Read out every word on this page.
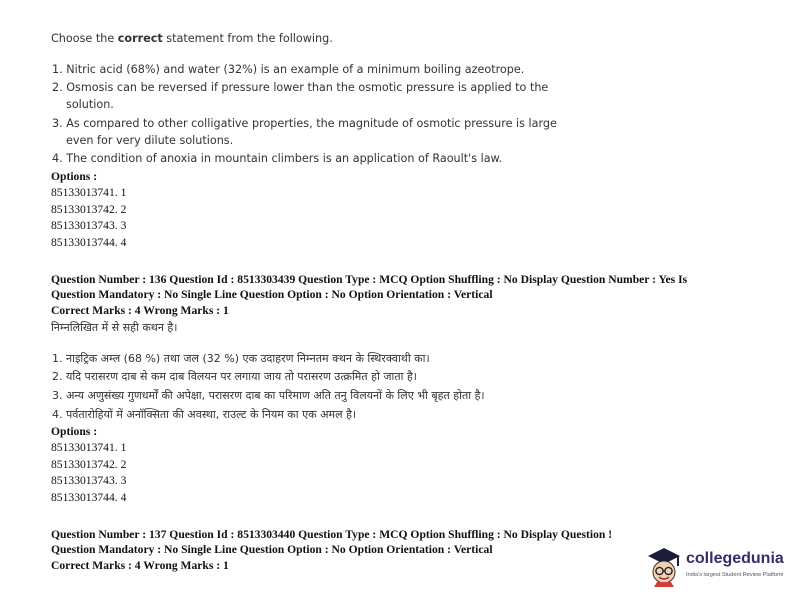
Choose the correct statement from the following.
1. Nitric acid (68%) and water (32%) is an example of a minimum boiling azeotrope.
2. Osmosis can be reversed if pressure lower than the osmotic pressure is applied to the
solution.
3. As compared to other colligative properties, the magnitude of osmotic pressure is large
even for very dilute solutions.
4. The condition of anoxia in mountain climbers is an application of Raoult's law.
Options :
85133013741. 1
85133013742. 2
85133013743. 3
85133013744. 4
Question Number : 136 Question Id : 8513303439 Question Type : MCQ Option Shuffling : No Display Question Number : Yes Is
Question Mandatory : No Single Line Question Option : No Option Orientation : Vertical
Correct Marks : 4 Wrong Marks : 1
निम्नलिखित में से सही कथन है।
1. नाइट्रिक अम्ल (68 %) तथा जल (32 %) एक उदाहरण निम्नतम क्थन के स्थिरक्वाथी का।
2. यदि परासरण दाब से कम दाब विलयन पर लगाया जाय तो परासरण उत्क्रमित हो जाता है।
3. अन्य अणुसंख्य गुणधर्मों की अपेक्षा, परासरण दाब का परिमाण अति तनु विलयनों के लिए भी बृहत होता है।
4. पर्वतारोहियों में अनॉक्सिता की अवस्था, राउल्ट के नियम का एक अमल है।
Options :
85133013741. 1
85133013742. 2
85133013743. 3
85133013744. 4
Question Number : 137 Question Id : 8513303440 Question Type : MCQ Option Shuffling : No Display Question !
Question Mandatory : No Single Line Question Option : No Option Orientation : Vertical
Correct Marks : 4 Wrong Marks : 1	collegedunia
India's largest Student Review Platform
